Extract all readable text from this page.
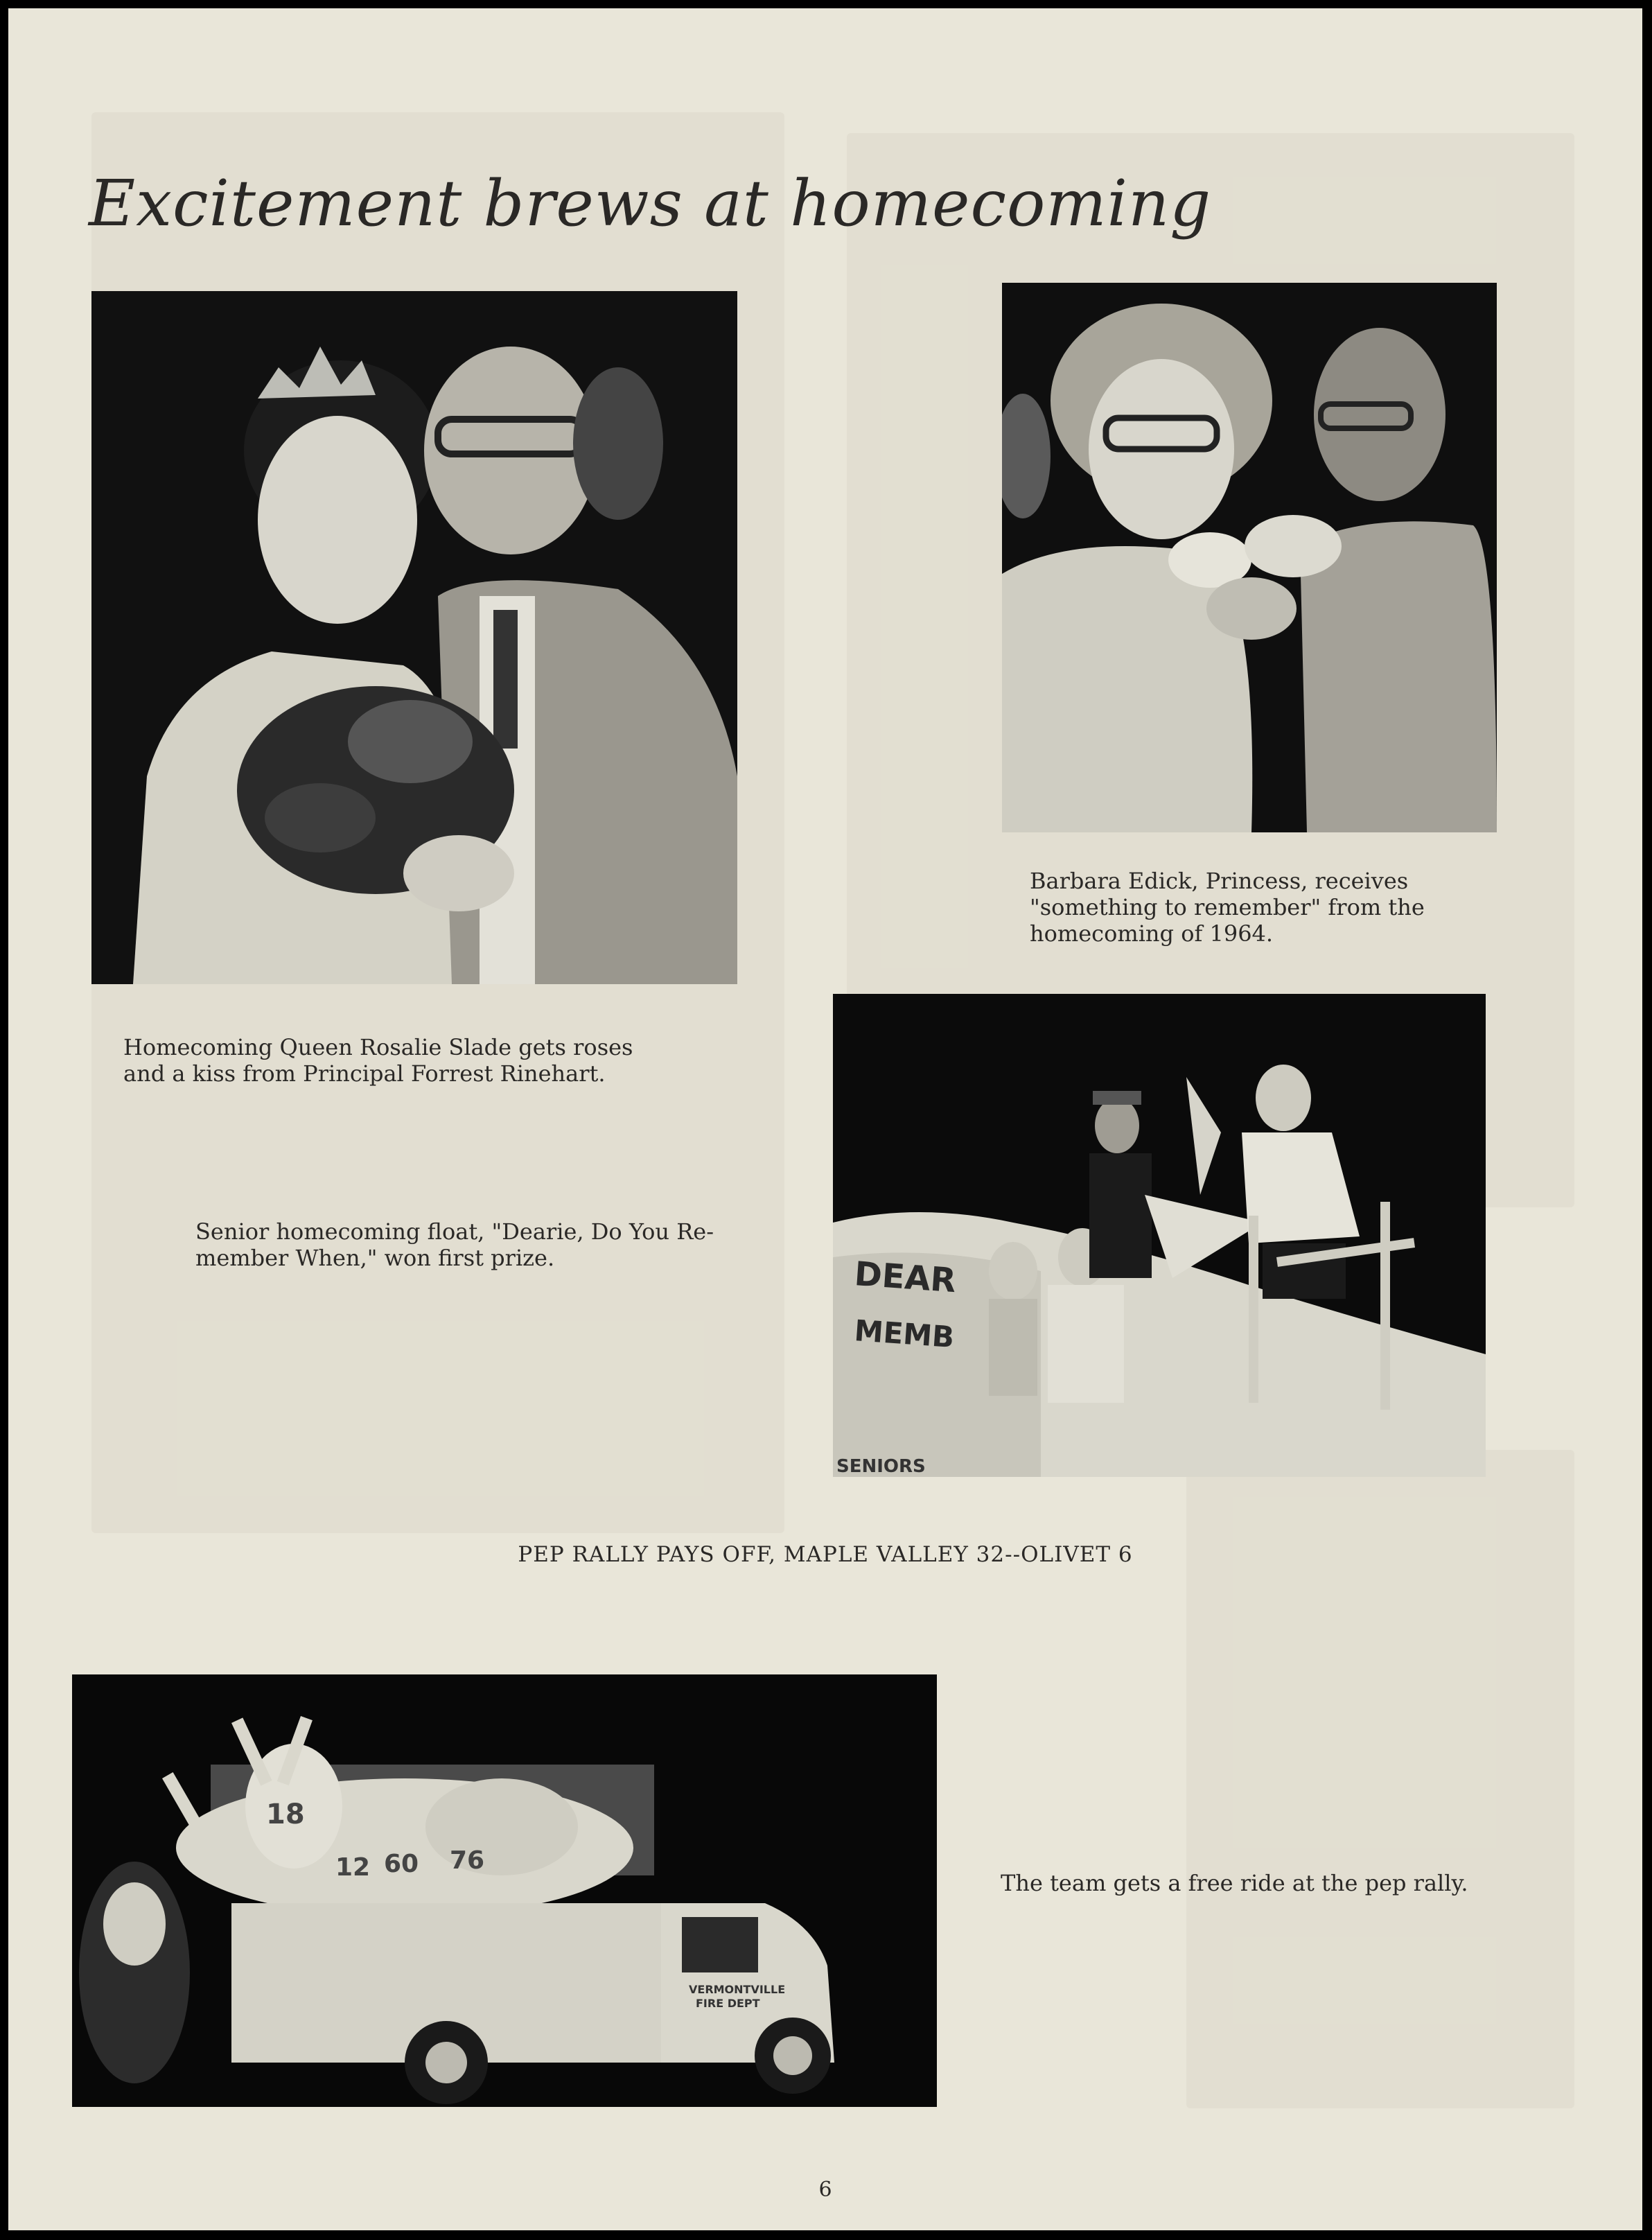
Excitement brews at homecoming

Homecoming Queen Rosalie Slade gets roses
and a kiss from Principal Forrest Rinehart.

Barbara Edick, Princess, receives
"something to remember" from the
homecoming of 1964.

DEAR
MEMB
SENIORS

Senior homecoming float, "Dearie, Do You Re-
member When," won first prize.

PEP RALLY PAYS OFF, MAPLE VALLEY 32--OLIVET 6

18
12 60 76
VERMONTVILLE
FIRE DEPT

The team gets a free ride at the pep rally.

6
